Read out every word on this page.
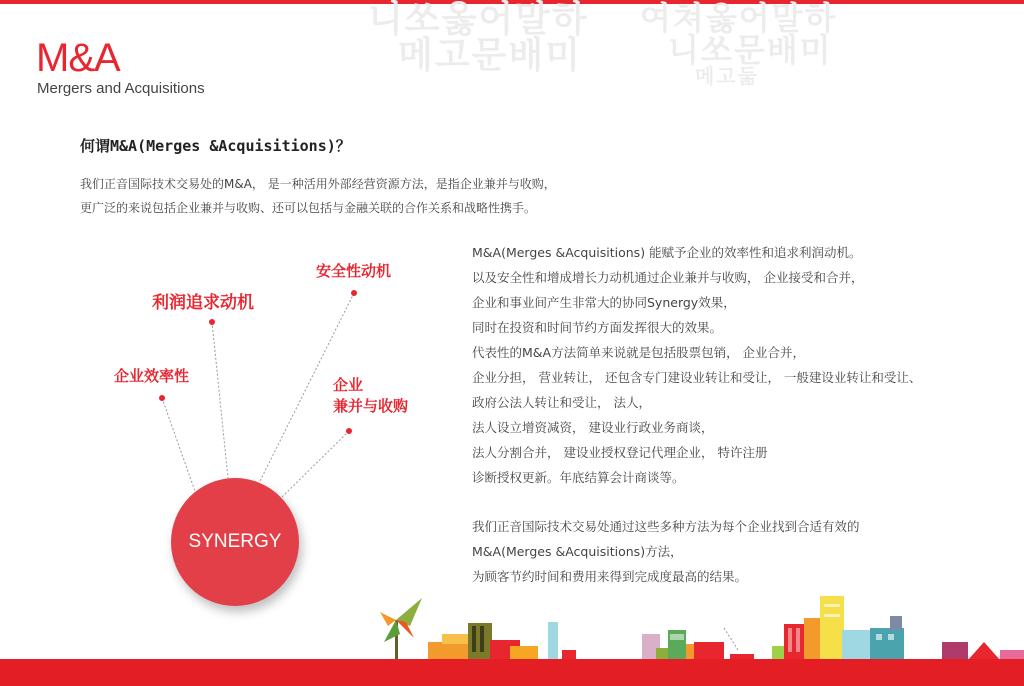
니쏘옳어말하
메고문배미
여쳐옳어말하
니쏘문배미
메고둚
M&A
Mergers and Acquisitions
何谓M&A(Merges &Acquisitions)？
我们正音国际技术交易处的M&A， 是一种活用外部经营资源方法，是指企业兼并与收购，
更广泛的来说包括企业兼并与收购、还可以包括与金融关联的合作关系和战略性携手。
企业效率性
利润追求动机
安全性动机
企业
兼并与收购
SYNERGY
M&A(Merges &Acquisitions) 能赋予企业的效率性和追求利润动机。
以及安全性和增成增长力动机通过企业兼并与收购， 企业接受和合并，
企业和事业间产生非常大的协同Synergy效果，
同时在投资和时间节约方面发挥很大的效果。
代表性的M&A方法简单来说就是包括股票包销， 企业合并，
企业分担， 营业转让， 还包含专门建设业转让和受让， 一般建设业转让和受让、
政府公法人转让和受让， 法人，
法人设立增资减资， 建设业行政业务商谈，
法人分割合并， 建设业授权登记代理企业， 特许注册
诊断授权更新。年底结算会计商谈等。
我们正音国际技术交易处通过这些多种方法为每个企业找到合适有效的
M&A(Merges &Acquisitions)方法，
为顾客节约时间和费用来得到完成度最高的结果。
